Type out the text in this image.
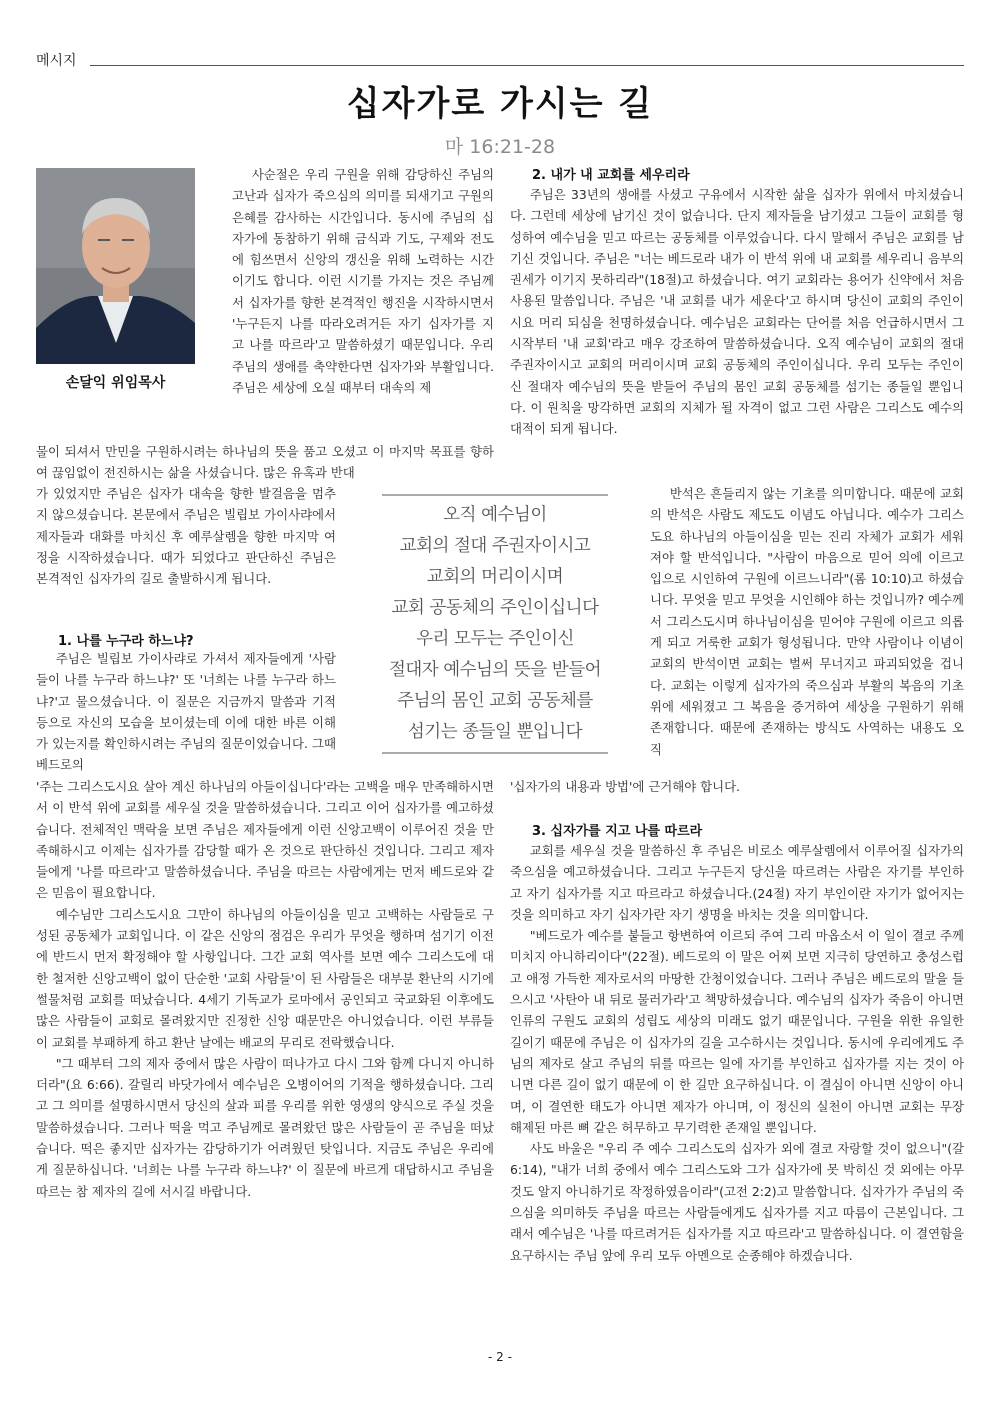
메시지
십자가로 가시는 길
마 16:21-28
손달익 위임목사
사순절은 우리 구원을 위해 감당하신 주님의 고난과 십자가 죽으심의 의미를 되새기고 구원의 은혜를 감사하는 시간입니다. 동시에 주님의 십자가에 동참하기 위해 금식과 기도, 구제와 전도에 힘쓰면서 신앙의 갱신을 위해 노력하는 시간이기도 합니다. 이런 시기를 가지는 것은 주님께서 십자가를 향한 본격적인 행진을 시작하시면서 '누구든지 나를 따라오려거든 자기 십자가를 지고 나를 따르라'고 말씀하셨기 때문입니다. 우리 주님의 생애를 축약한다면 십자가와 부활입니다. 주님은 세상에 오실 때부터 대속의 제
물이 되셔서 만민을 구원하시려는 하나님의 뜻을 품고 오셨고 이 마지막 목표를 향하여 끊임없이 전진하시는 삶을 사셨습니다. 많은 유혹과 반대
가 있었지만 주님은 십자가 대속을 향한 발걸음을 멈추지 않으셨습니다. 본문에서 주님은 빌립보 가이사랴에서 제자들과 대화를 마치신 후 예루살렘을 향한 마지막 여정을 시작하셨습니다. 때가 되었다고 판단하신 주님은 본격적인 십자가의 길로 출발하시게 됩니다.
1. 나를 누구라 하느냐?
주님은 빌립보 가이사랴로 가셔서 제자들에게 '사람들이 나를 누구라 하느냐?' 또 '너희는 나를 누구라 하느냐?'고 물으셨습니다. 이 질문은 지금까지 말씀과 기적 등으로 자신의 모습을 보이셨는데 이에 대한 바른 이해가 있는지를 확인하시려는 주님의 질문이었습니다. 그때 베드로의

'주는 그리스도시요 살아 계신 하나님의 아들이십니다'라는 고백을 매우 만족해하시면서 이 반석 위에 교회를 세우실 것을 말씀하셨습니다. 그리고 이어 십자가를 예고하셨습니다. 전체적인 맥락을 보면 주님은 제자들에게 이런 신앙고백이 이루어진 것을 만족해하시고 이제는 십자가를 감당할 때가 온 것으로 판단하신 것입니다. 그리고 제자들에게 '나를 따르라'고 말씀하셨습니다. 주님을 따르는 사람에게는 먼저 베드로와 같은 믿음이 필요합니다.

예수님만 그리스도시요 그만이 하나님의 아들이심을 믿고 고백하는 사람들로 구성된 공동체가 교회입니다. 이 같은 신앙의 점검은 우리가 무엇을 행하며 섬기기 이전에 반드시 먼저 확정해야 할 사항입니다. 그간 교회 역사를 보면 예수 그리스도에 대한 철저한 신앙고백이 없이 단순한 '교회 사람들'이 된 사람들은 대부분 환난의 시기에 썰물처럼 교회를 떠났습니다. 4세기 기독교가 로마에서 공인되고 국교화된 이후에도 많은 사람들이 교회로 몰려왔지만 진정한 신앙 때문만은 아니었습니다. 이런 부류들이 교회를 부패하게 하고 환난 날에는 배교의 무리로 전락했습니다.

"그 때부터 그의 제자 중에서 많은 사람이 떠나가고 다시 그와 함께 다니지 아니하더라"(요 6:66). 갈릴리 바닷가에서 예수님은 오병이어의 기적을 행하셨습니다. 그리고 그 의미를 설명하시면서 당신의 살과 피를 우리를 위한 영생의 양식으로 주실 것을 말씀하셨습니다. 그러나 떡을 먹고 주님께로 몰려왔던 많은 사람들이 곧 주님을 떠났습니다. 떡은 좋지만 십자가는 감당하기가 어려웠던 탓입니다. 지금도 주님은 우리에게 질문하십니다. '너희는 나를 누구라 하느냐?' 이 질문에 바르게 대답하시고 주님을 따르는 참 제자의 길에 서시길 바랍니다.

2. 내가 내 교회를 세우리라
주님은 33년의 생애를 사셨고 구유에서 시작한 삶을 십자가 위에서 마치셨습니다. 그런데 세상에 남기신 것이 없습니다. 단지 제자들을 남기셨고 그들이 교회를 형성하여 예수님을 믿고 따르는 공동체를 이루었습니다. 다시 말해서 주님은 교회를 남기신 것입니다. 주님은 "너는 베드로라 내가 이 반석 위에 내 교회를 세우리니 음부의 권세가 이기지 못하리라"(18절)고 하셨습니다. 여기 교회라는 용어가 신약에서 처음 사용된 말씀입니다. 주님은 '내 교회를 내가 세운다'고 하시며 당신이 교회의 주인이시요 머리 되심을 천명하셨습니다. 예수님은 교회라는 단어를 처음 언급하시면서 그 시작부터 '내 교회'라고 매우 강조하여 말씀하셨습니다. 오직 예수님이 교회의 절대 주권자이시고 교회의 머리이시며 교회 공동체의 주인이십니다. 우리 모두는 주인이신 절대자 예수님의 뜻을 받들어 주님의 몸인 교회 공동체를 섬기는 종들일 뿐입니다. 이 원칙을 망각하면 교회의 지체가 될 자격이 없고 그런 사람은 그리스도 예수의 대적이 되게 됩니다.
반석은 흔들리지 않는 기초를 의미합니다. 때문에 교회의 반석은 사람도 제도도 이념도 아닙니다. 예수가 그리스도요 하나님의 아들이심을 믿는 진리 자체가 교회가 세워져야 할 반석입니다. "사람이 마음으로 믿어 의에 이르고 입으로 시인하여 구원에 이르느니라"(롬 10:10)고 하셨습니다. 무엇을 믿고 무엇을 시인해야 하는 것입니까? 예수께서 그리스도시며 하나님이심을 믿어야 구원에 이르고 의롭게 되고 거룩한 교회가 형성됩니다. 만약 사람이나 이념이 교회의 반석이면 교회는 벌써 무너지고 파괴되었을 겁니다. 교회는 이렇게 십자가의 죽으심과 부활의 복음의 기초 위에 세워졌고 그 복음을 증거하여 세상을 구원하기 위해 존재합니다. 때문에 존재하는 방식도 사역하는 내용도 오직
'십자가의 내용과 방법'에 근거해야 합니다.
3. 십자가를 지고 나를 따르라

교회를 세우실 것을 말씀하신 후 주님은 비로소 예루살렘에서 이루어질 십자가의 죽으심을 예고하셨습니다. 그리고 누구든지 당신을 따르려는 사람은 자기를 부인하고 자기 십자가를 지고 따르라고 하셨습니다.(24절) 자기 부인이란 자기가 없어지는 것을 의미하고 자기 십자가란 자기 생명을 바치는 것을 의미합니다.

"베드로가 예수를 붙들고 항변하여 이르되 주여 그리 마옵소서 이 일이 결코 주께 미치지 아니하리이다"(22절). 베드로의 이 말은 어찌 보면 지극히 당연하고 충성스럽고 애정 가득한 제자로서의 마땅한 간청이었습니다. 그러나 주님은 베드로의 말을 들으시고 '사탄아 내 뒤로 물러가라'고 책망하셨습니다. 예수님의 십자가 죽음이 아니면 인류의 구원도 교회의 성립도 세상의 미래도 없기 때문입니다. 구원을 위한 유일한 길이기 때문에 주님은 이 십자가의 길을 고수하시는 것입니다. 동시에 우리에게도 주님의 제자로 살고 주님의 뒤를 따르는 일에 자기를 부인하고 십자가를 지는 것이 아니면 다른 길이 없기 때문에 이 한 길만 요구하십니다. 이 결심이 아니면 신앙이 아니며, 이 결연한 태도가 아니면 제자가 아니며, 이 정신의 실천이 아니면 교회는 무장 해제된 마른 뼈 같은 허무하고 무기력한 존재일 뿐입니다.

사도 바울은 "우리 주 예수 그리스도의 십자가 외에 결코 자랑할 것이 없으니"(갈 6:14), "내가 너희 중에서 예수 그리스도와 그가 십자가에 못 박히신 것 외에는 아무 것도 알지 아니하기로 작정하였음이라"(고전 2:2)고 말씀합니다. 십자가가 주님의 죽으심을 의미하듯 주님을 따르는 사람들에게도 십자가를 지고 따름이 근본입니다. 그래서 예수님은 '나를 따르려거든 십자가를 지고 따르라'고 말씀하십니다. 이 결연함을 요구하시는 주님 앞에 우리 모두 아멘으로 순종해야 하겠습니다.

오직 예수님이
교회의 절대 주권자이시고
교회의 머리이시며
교회 공동체의 주인이십니다
우리 모두는 주인이신
절대자 예수님의 뜻을 받들어
주님의 몸인 교회 공동체를
섬기는 종들일 뿐입니다
- 2 -
